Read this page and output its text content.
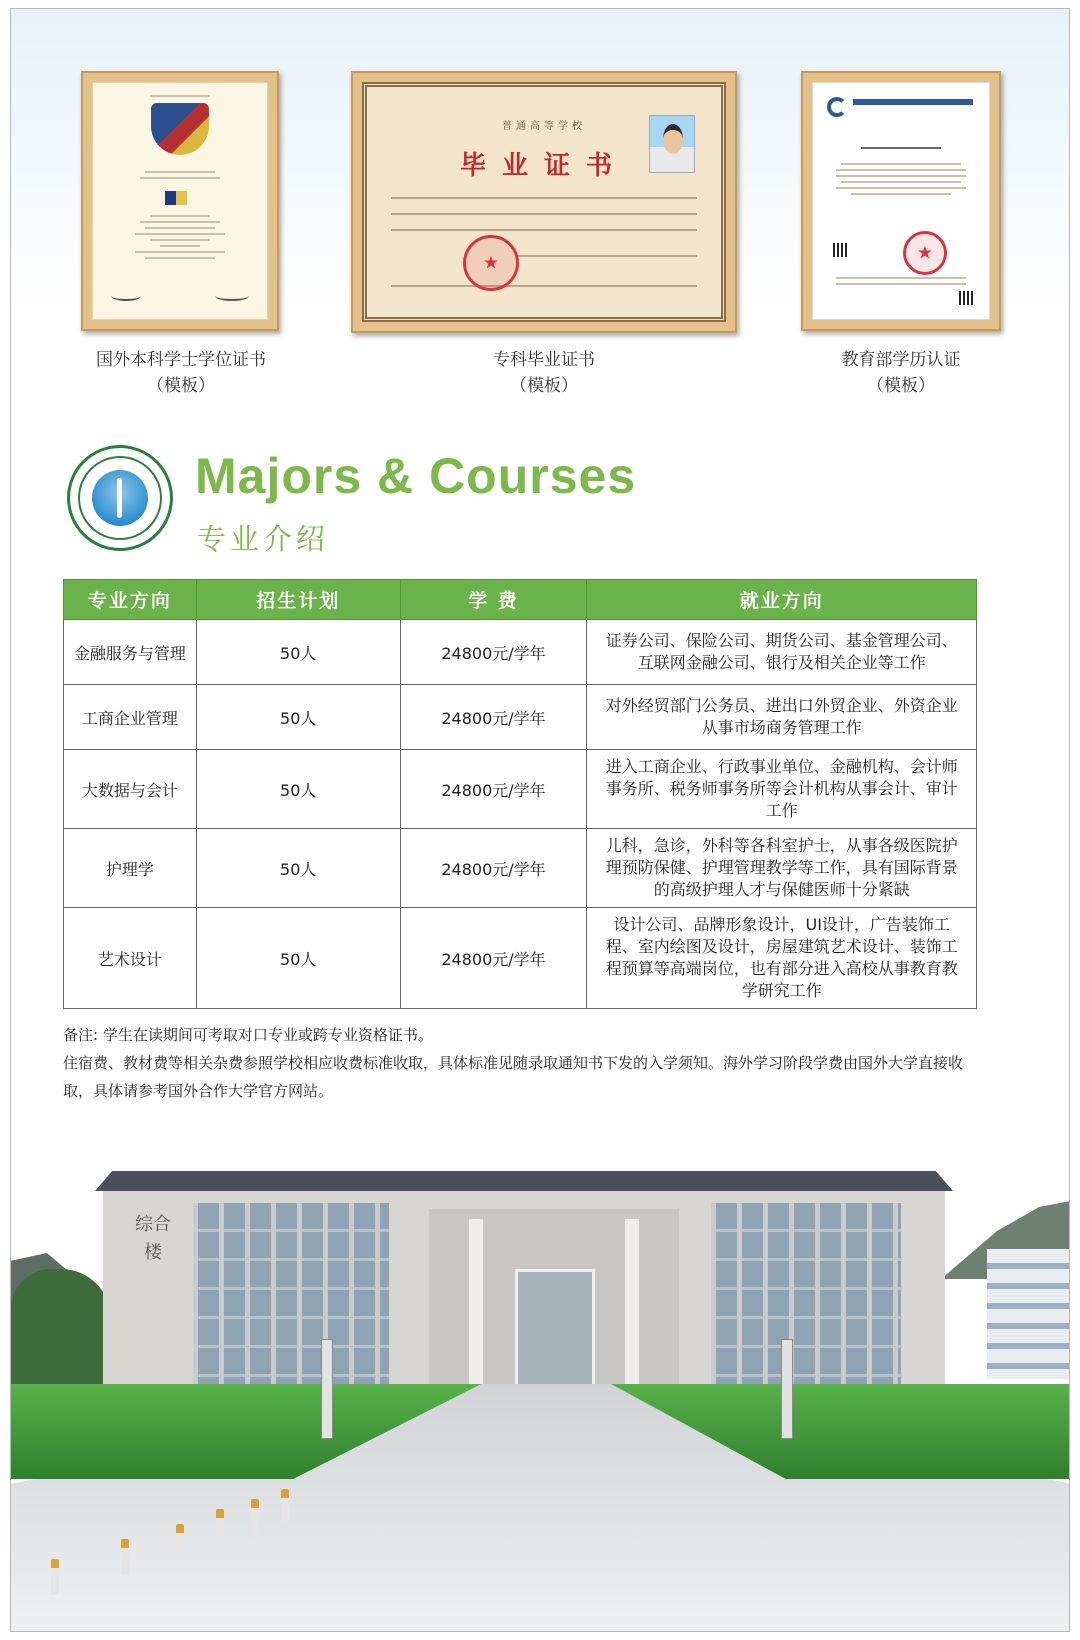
普通高等学校
毕业证书
★
★
国外本科学士学位证书
（模板）
专科毕业证书
（模板）
教育部学历认证
（模板）
Majors & Courses
专业介绍
专业方向	招生计划	学 费	就业方向
金融服务与管理	50人	24800元/学年	证券公司、保险公司、期货公司、基金管理公司、互联网金融公司、银行及相关企业等工作
工商企业管理	50人	24800元/学年	对外经贸部门公务员、进出口外贸企业、外资企业从事市场商务管理工作
大数据与会计	50人	24800元/学年	进入工商企业、行政事业单位、金融机构、会计师事务所、税务师事务所等会计机构从事会计、审计工作
护理学	50人	24800元/学年	儿科，急诊，外科等各科室护士，从事各级医院护理预防保健、护理管理教学等工作，具有国际背景的高级护理人才与保健医师十分紧缺
艺术设计	50人	24800元/学年	设计公司、品牌形象设计，UI设计，广告装饰工程、室内绘图及设计，房屋建筑艺术设计、装饰工程预算等高端岗位，也有部分进入高校从事教育教学研究工作
备注: 学生在读期间可考取对口专业或跨专业资格证书。
住宿费、教材费等相关杂费参照学校相应收费标准收取，具体标准见随录取通知书下发的入学须知。海外学习阶段学费由国外大学直接收取，具体请参考国外合作大学官方网站。
综合楼
